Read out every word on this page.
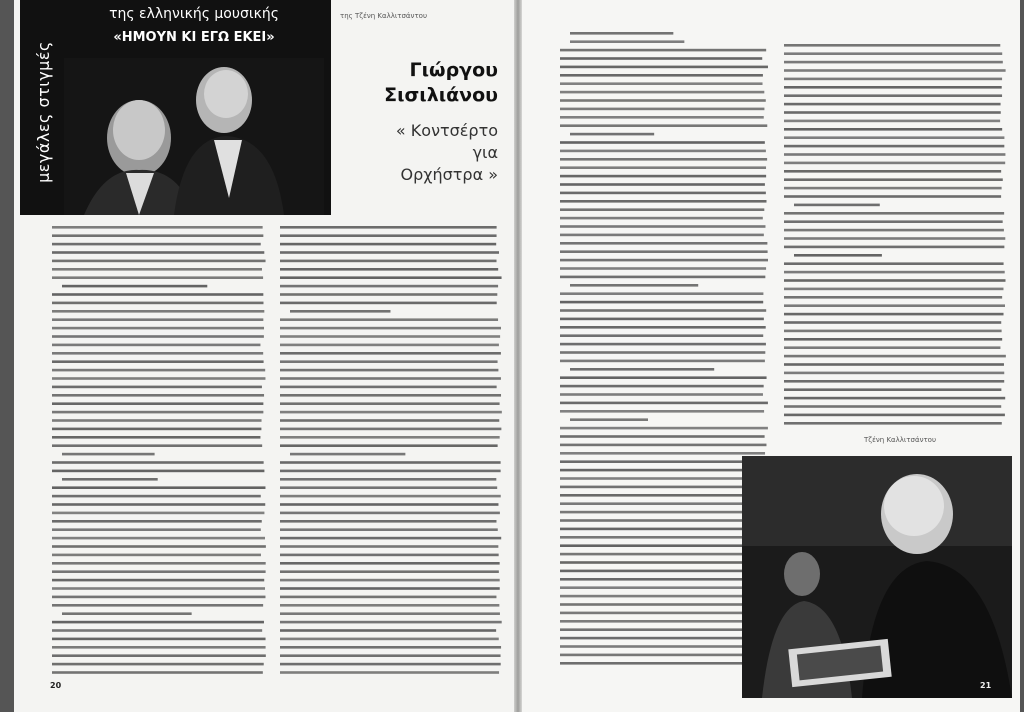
της ελληνικής μουσικής
«ΗΜΟΥΝ ΚΙ ΕΓΩ ΕΚΕΙ»
μεγάλες στιγμές
της Τζένη Καλλιτσάντου
Γιώργου
Σισιλιάνου
« Κοντσέρτο
για
Ορχήστρα »
20
Τζένη Καλλιτσάντου
21
